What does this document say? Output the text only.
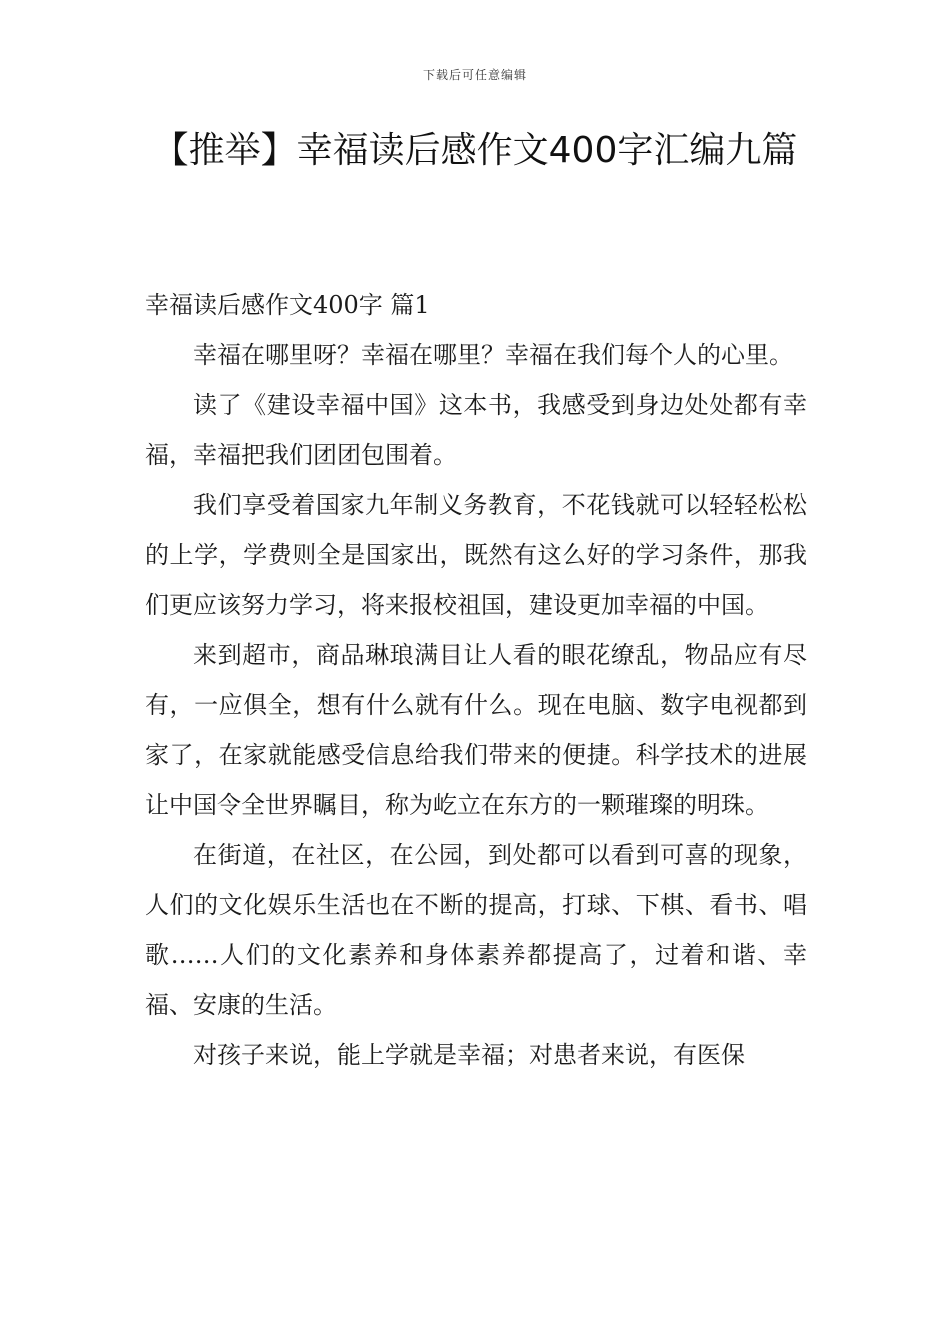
下载后可任意编辑
【推举】幸福读后感作文400字汇编九篇

幸福读后感作文400字 篇1

幸福在哪里呀？幸福在哪里？幸福在我们每个人的心里。

读了《建设幸福中国》这本书，我感受到身边处处都有幸福，幸福把我们团团包围着。

我们享受着国家九年制义务教育，不花钱就可以轻轻松松的上学，学费则全是国家出，既然有这么好的学习条件，那我们更应该努力学习，将来报校祖国，建设更加幸福的中国。

来到超市，商品琳琅满目让人看的眼花缭乱，物品应有尽有，一应俱全，想有什么就有什么。现在电脑、数字电视都到家了，在家就能感受信息给我们带来的便捷。科学技术的进展让中国令全世界瞩目，称为屹立在东方的一颗璀璨的明珠。

在街道，在社区，在公园，到处都可以看到可喜的现象，人们的文化娱乐生活也在不断的提高，打球、下棋、看书、唱歌……人们的文化素养和身体素养都提高了，过着和谐、幸福、安康的生活。

对孩子来说，能上学就是幸福；对患者来说，有医保
